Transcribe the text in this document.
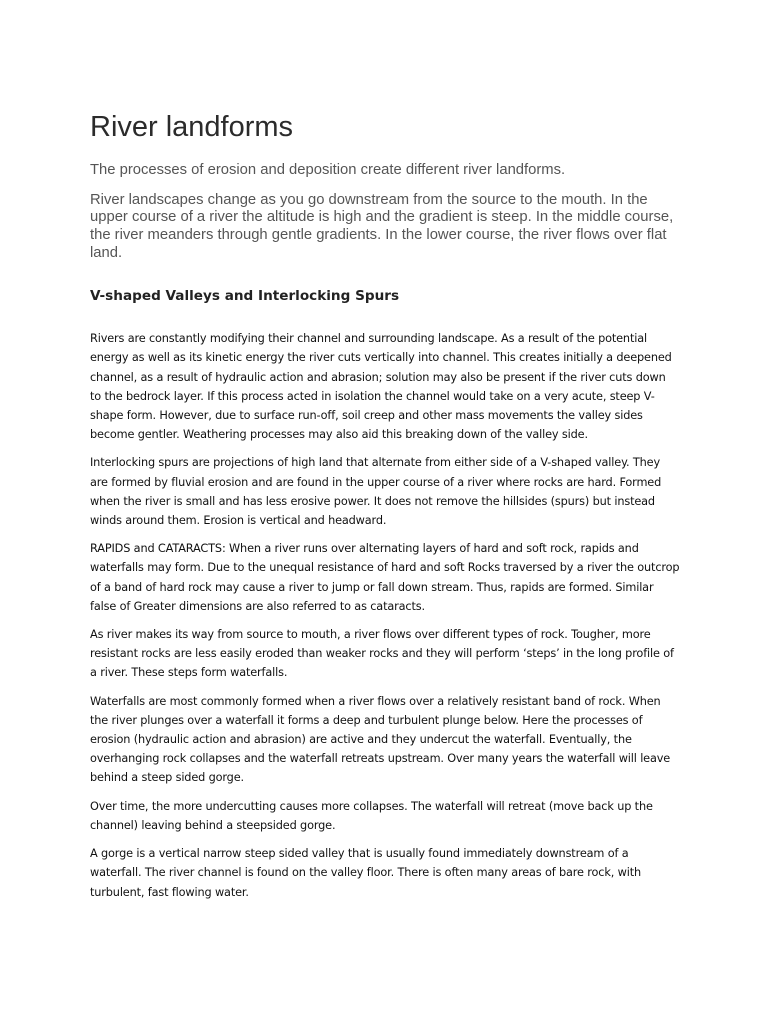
River landforms

The processes of erosion and deposition create different river landforms.

River landscapes change as you go downstream from the source to the mouth. In the upper course of a river the altitude is high and the gradient is steep. In the middle course, the river meanders through gentle gradients. In the lower course, the river flows over flat land.

V-shaped Valleys and Interlocking Spurs

Rivers are constantly modifying their channel and surrounding landscape. As a result of the potential energy as well as its kinetic energy the river cuts vertically into channel. This creates initially a deepened channel, as a result of hydraulic action and abrasion; solution may also be present if the river cuts down to the bedrock layer. If this process acted in isolation the channel would take on a very acute, steep V-shape form. However, due to surface run-off, soil creep and other mass movements the valley sides become gentler. Weathering processes may also aid this breaking down of the valley side.

Interlocking spurs are projections of high land that alternate from either side of a V-shaped valley. They are formed by fluvial erosion and are found in the upper course of a river where rocks are hard. Formed when the river is small and has less erosive power. It does not remove the hillsides (spurs) but instead winds around them. Erosion is vertical and headward.

RAPIDS and CATARACTS: When a river runs over alternating layers of hard and soft rock, rapids and waterfalls may form. Due to the unequal resistance of hard and soft Rocks traversed by a river the outcrop of a band of hard rock may cause a river to jump or fall down stream. Thus, rapids are formed. Similar false of Greater dimensions are also referred to as cataracts.

As river makes its way from source to mouth, a river flows over different types of rock. Tougher, more resistant rocks are less easily eroded than weaker rocks and they will perform ‘steps’ in the long profile of a river. These steps form waterfalls.

Waterfalls are most commonly formed when a river flows over a relatively resistant band of rock. When the river plunges over a waterfall it forms a deep and turbulent plunge below. Here the processes of erosion (hydraulic action and abrasion) are active and they undercut the waterfall. Eventually, the overhanging rock collapses and the waterfall retreats upstream. Over many years the waterfall will leave behind a steep sided gorge.

Over time, the more undercutting causes more collapses. The waterfall will retreat (move back up the channel) leaving behind a steepsided gorge.

A gorge is a vertical narrow steep sided valley that is usually found immediately downstream of a waterfall. The river channel is found on the valley floor. There is often many areas of bare rock, with turbulent, fast flowing water.
